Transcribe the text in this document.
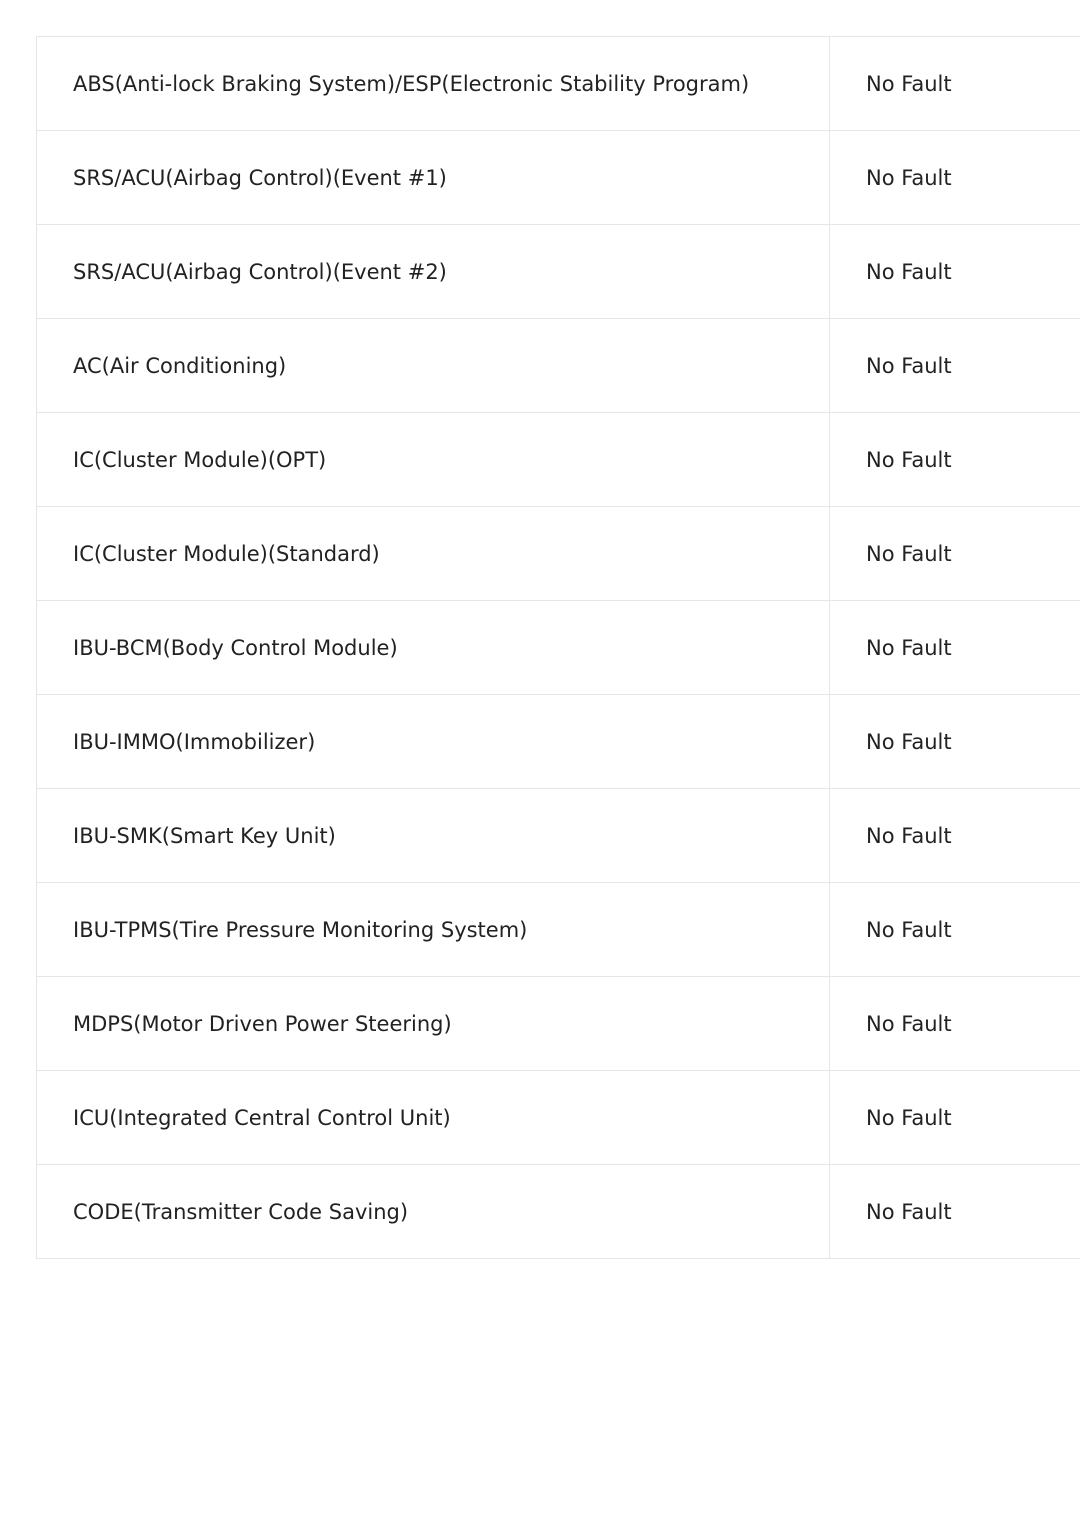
ABS(Anti-lock Braking System)/ESP(Electronic Stability Program)	No Fault
SRS/ACU(Airbag Control)(Event #1)	No Fault
SRS/ACU(Airbag Control)(Event #2)	No Fault
AC(Air Conditioning)	No Fault
IC(Cluster Module)(OPT)	No Fault
IC(Cluster Module)(Standard)	No Fault
IBU-BCM(Body Control Module)	No Fault
IBU-IMMO(Immobilizer)	No Fault
IBU-SMK(Smart Key Unit)	No Fault
IBU-TPMS(Tire Pressure Monitoring System)	No Fault
MDPS(Motor Driven Power Steering)	No Fault
ICU(Integrated Central Control Unit)	No Fault
CODE(Transmitter Code Saving)	No Fault
